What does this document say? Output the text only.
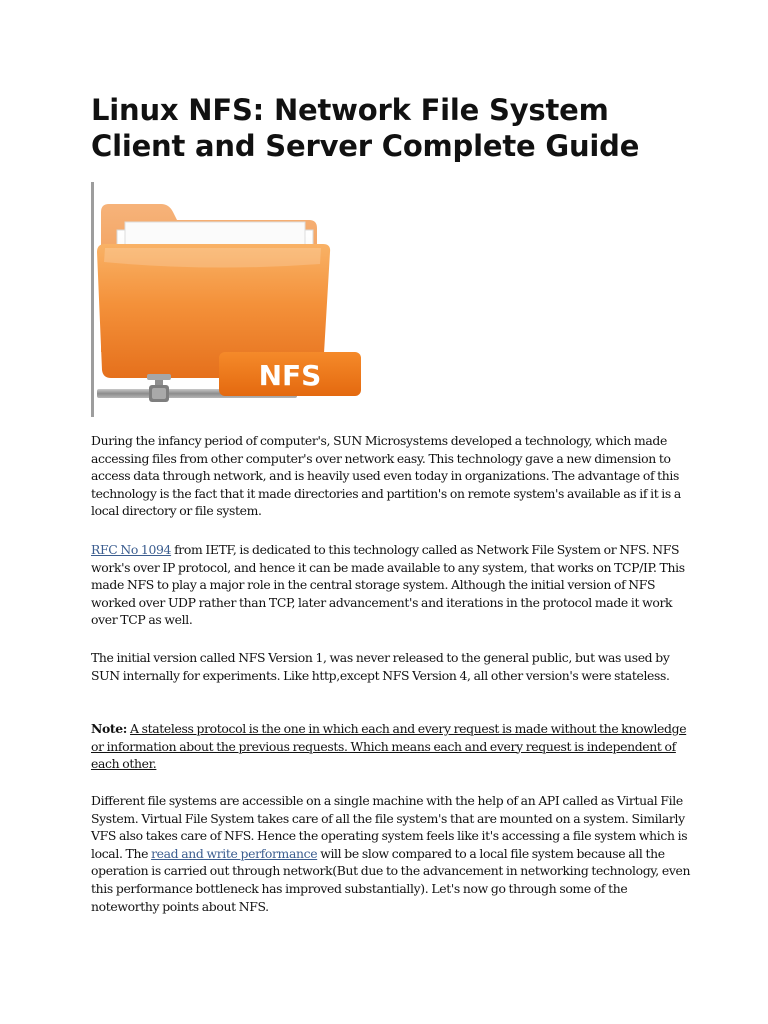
Linux NFS: Network File System Client and Server Complete Guide
NFS

During the infancy period of computer's, SUN Microsystems developed a technology, which made accessing files from other computer's over network easy. This technology gave a new dimension to access data through network, and is heavily used even today in organizations. The advantage of this technology is the fact that it made directories and partition's on remote system's available as if it is a local directory or file system.

RFC No 1094 from IETF, is dedicated to this technology called as Network File System or NFS. NFS work's over IP protocol, and hence it can be made available to any system, that works on TCP/IP. This made NFS to play a major role in the central storage system. Although the initial version of NFS worked over UDP rather than TCP, later advancement's and iterations in the protocol made it work over TCP as well.

The initial version called NFS Version 1, was never released to the general public, but was used by SUN internally for experiments. Like http,except NFS Version 4, all other version's were stateless.

Note: A stateless protocol is the one in which each and every request is made without the knowledge or information about the previous requests. Which means each and every request is independent of each other.

Different file systems are accessible on a single machine with the help of an API called as Virtual File System. Virtual File System takes care of all the file system's that are mounted on a system. Similarly VFS also takes care of NFS. Hence the operating system feels like it's accessing a file system which is local. The read and write performance will be slow compared to a local file system because all the operation is carried out through network(But due to the advancement in networking technology, even this performance bottleneck has improved substantially). Let's now go through some of the noteworthy points about NFS.
